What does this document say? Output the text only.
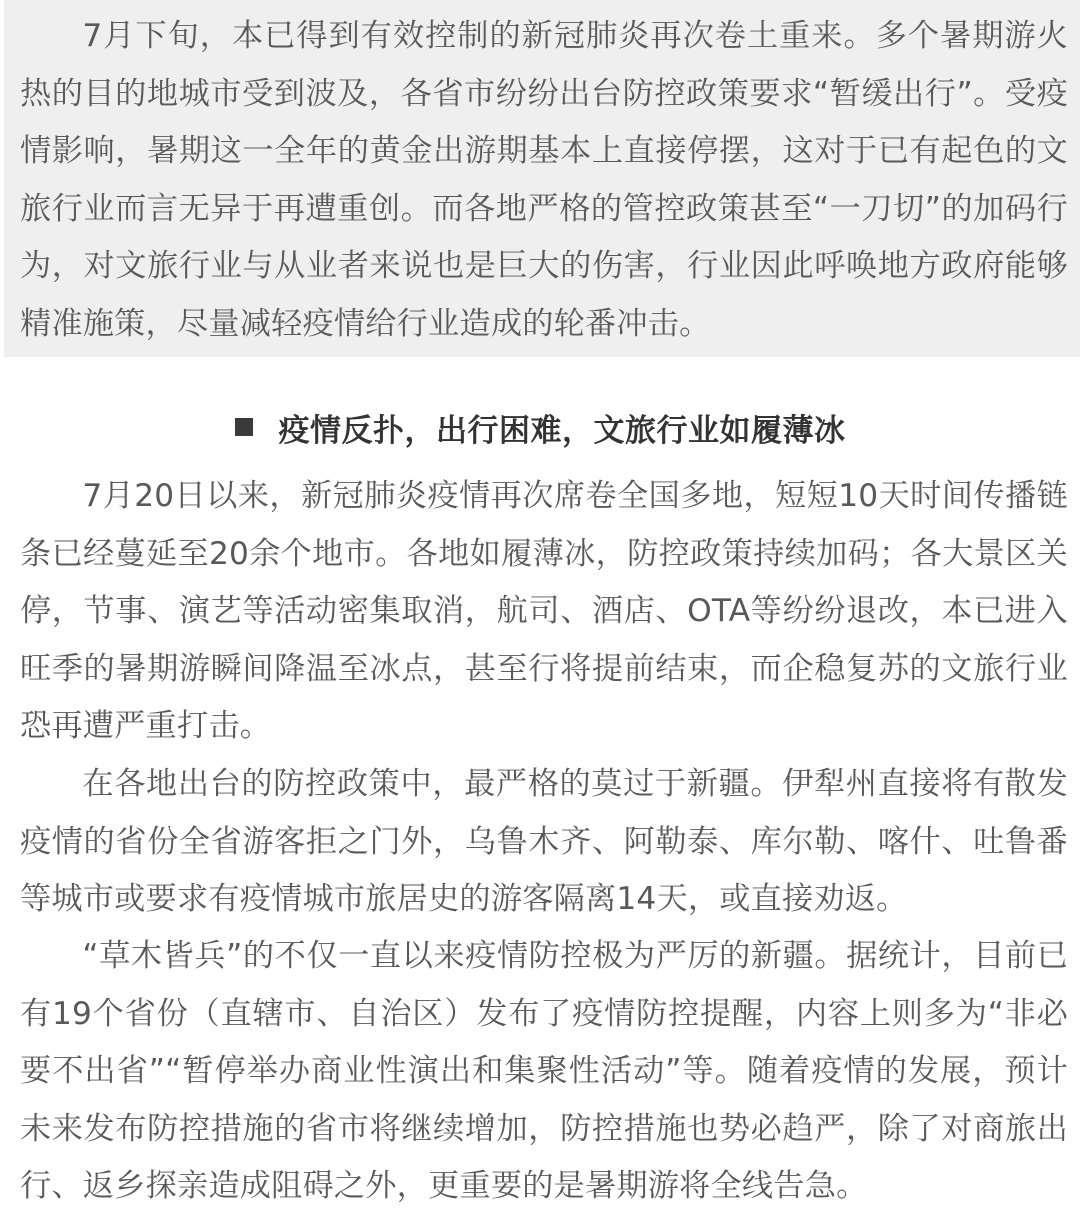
7月下旬，本已得到有效控制的新冠肺炎再次卷土重来。多个暑期游火热的目的地城市受到波及，各省市纷纷出台防控政策要求“暂缓出行”。受疫情影响，暑期这一全年的黄金出游期基本上直接停摆，这对于已有起色的文旅行业而言无异于再遭重创。而各地严格的管控政策甚至“一刀切”的加码行为，对文旅行业与从业者来说也是巨大的伤害，行业因此呼唤地方政府能够精准施策，尽量减轻疫情给行业造成的轮番冲击。

疫情反扑，出行困难，文旅行业如履薄冰

7月20日以来，新冠肺炎疫情再次席卷全国多地，短短10天时间传播链条已经蔓延至20余个地市。各地如履薄冰，防控政策持续加码；各大景区关停，节事、演艺等活动密集取消，航司、酒店、OTA等纷纷退改，本已进入旺季的暑期游瞬间降温至冰点，甚至行将提前结束，而企稳复苏的文旅行业恐再遭严重打击。

在各地出台的防控政策中，最严格的莫过于新疆。伊犁州直接将有散发疫情的省份全省游客拒之门外，乌鲁木齐、阿勒泰、库尔勒、喀什、吐鲁番等城市或要求有疫情城市旅居史的游客隔离14天，或直接劝返。

“草木皆兵”的不仅一直以来疫情防控极为严厉的新疆。据统计，目前已有19个省份（直辖市、自治区）发布了疫情防控提醒，内容上则多为“非必要不出省”“暂停举办商业性演出和集聚性活动”等。随着疫情的发展，预计未来发布防控措施的省市将继续增加，防控措施也势必趋严，除了对商旅出行、返乡探亲造成阻碍之外，更重要的是暑期游将全线告急。
